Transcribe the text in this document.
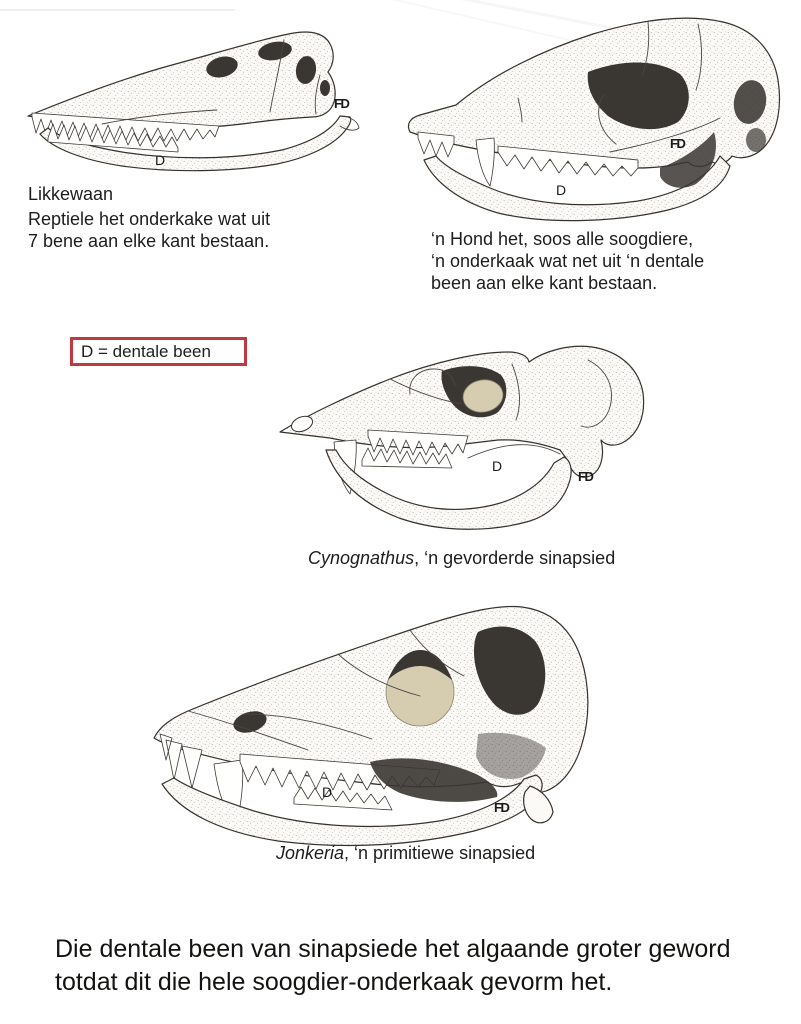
D
FD
Likkewaan
Reptiele het onderkake wat uit
7 bene aan elke kant bestaan.
D
FD
‘n Hond het, soos alle soogdiere,
‘n onderkaak wat net uit ‘n dentale
been aan elke kant bestaan.
D = dentale been
D
FD
Cynognathus, ‘n gevorderde sinapsied
D
FD
Jonkeria, ‘n primitiewe sinapsied
Die dentale been van sinapsiede het algaande groter geword
totdat dit die hele soogdier-onderkaak gevorm het.
